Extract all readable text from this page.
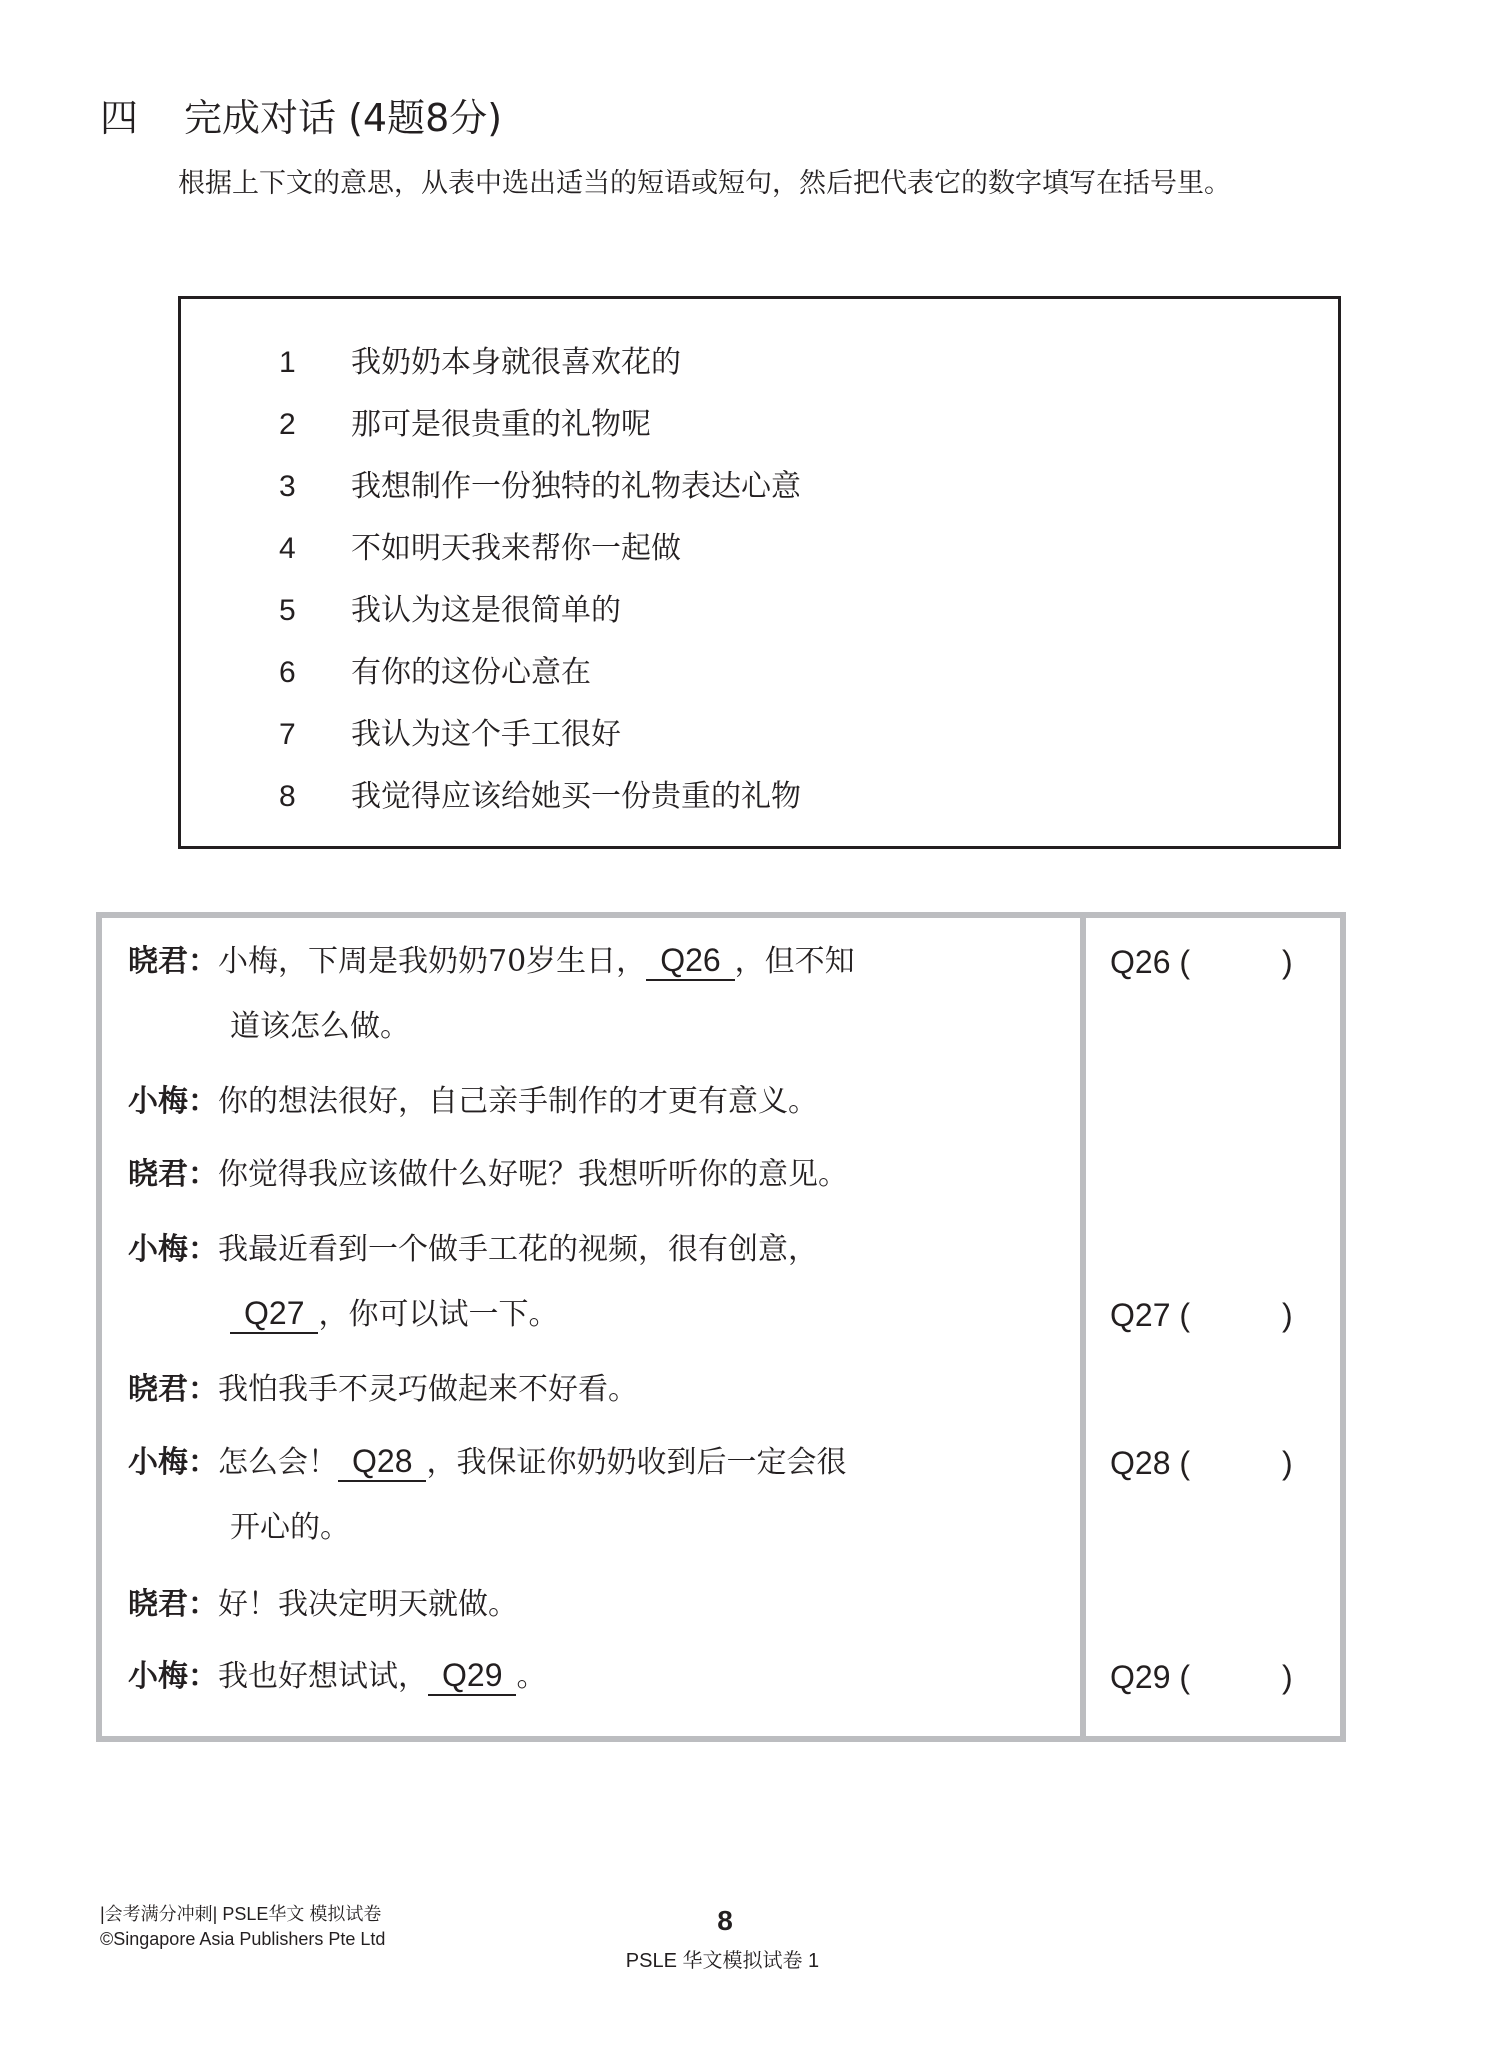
四 完成对话 (4题8分)
根据上下文的意思，从表中选出适当的短语或短句，然后把代表它的数字填写在括号里。
1 我奶奶本身就很喜欢花的
2 那可是很贵重的礼物呢
3 我想制作一份独特的礼物表达心意
4 不如明天我来帮你一起做
5 我认为这是很简单的
6 有你的这份心意在
7 我认为这个手工很好
8 我觉得应该给她买一份贵重的礼物
晓君：小梅，下周是我奶奶70岁生日， Q26 ，但不知
道该怎么做。
小梅：你的想法很好，自己亲手制作的才更有意义。
晓君：你觉得我应该做什么好呢？我想听听你的意见。
小梅：我最近看到一个做手工花的视频，很有创意，
Q27 ，你可以试一下。
晓君：我怕我手不灵巧做起来不好看。
小梅：怎么会！ Q28 ，我保证你奶奶收到后一定会很
开心的。
晓君：好！我决定明天就做。
小梅：我也好想试试， Q29 。
Q26 (	)
Q27 (	)
Q28 (	)
Q29 (	)
|会考满分冲刺| PSLE华文 模拟试卷
©Singapore Asia Publishers Pte Ltd
8
PSLE 华文模拟试卷 1
